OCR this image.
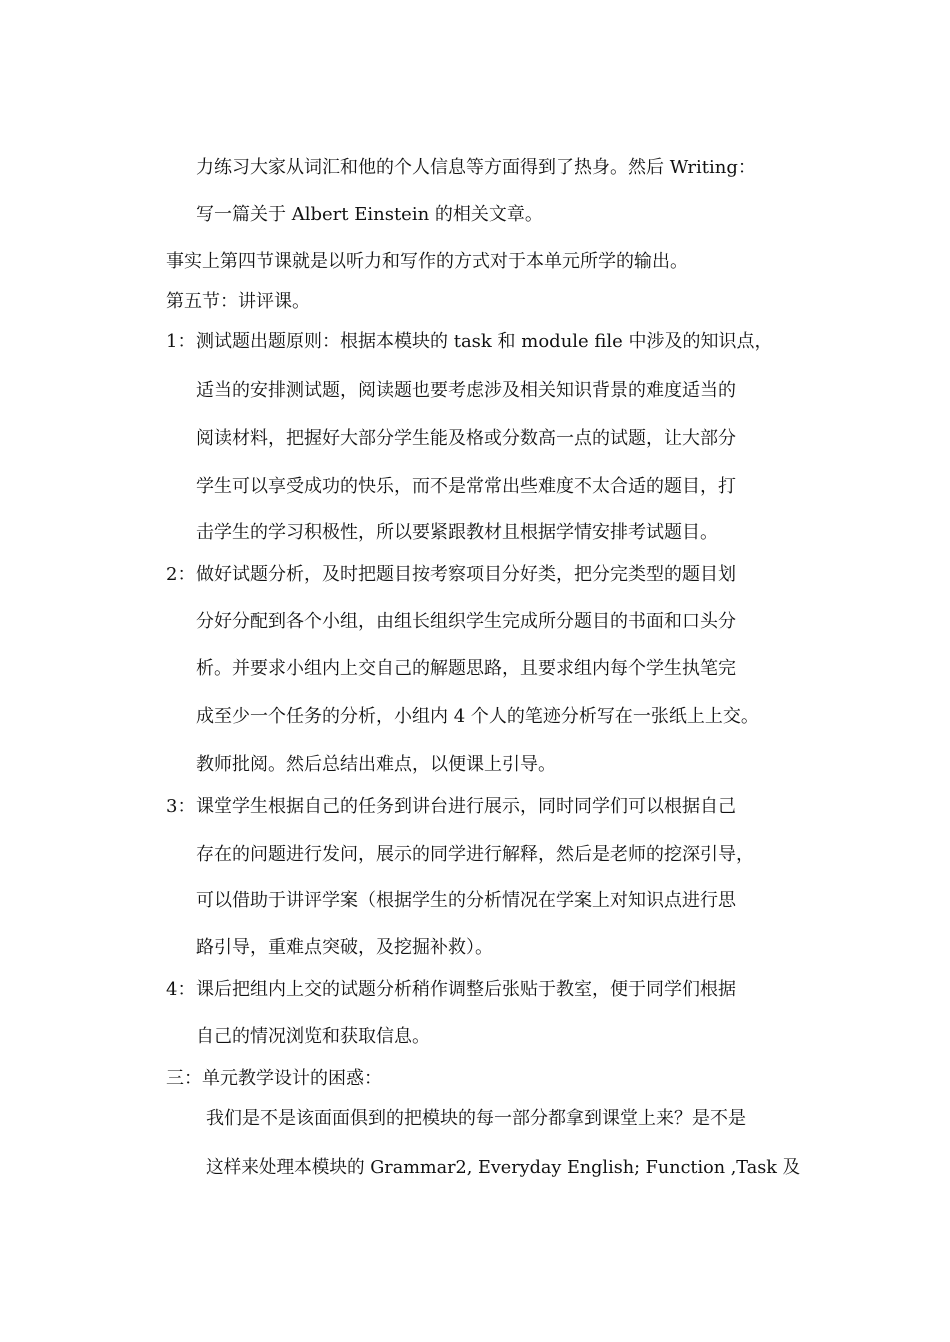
力练习大家从词汇和他的个人信息等方面得到了热身。然后 Writing：
写一篇关于 Albert Einstein 的相关文章。
事实上第四节课就是以听力和写作的方式对于本单元所学的输出。
第五节：讲评课。
1： 测试题出题原则：根据本模块的 task 和 module file 中涉及的知识点，
适当的安排测试题，阅读题也要考虑涉及相关知识背景的难度适当的
阅读材料，把握好大部分学生能及格或分数高一点的试题，让大部分
学生可以享受成功的快乐，而不是常常出些难度不太合适的题目，打
击学生的学习积极性，所以要紧跟教材且根据学情安排考试题目。
2： 做好试题分析，及时把题目按考察项目分好类，把分完类型的题目划
分好分配到各个小组，由组长组织学生完成所分题目的书面和口头分
析。并要求小组内上交自己的解题思路，且要求组内每个学生执笔完
成至少一个任务的分析，小组内 4 个人的笔迹分析写在一张纸上上交。
教师批阅。然后总结出难点，以便课上引导。
3： 课堂学生根据自己的任务到讲台进行展示，同时同学们可以根据自己
存在的问题进行发问，展示的同学进行解释，然后是老师的挖深引导，
可以借助于讲评学案（根据学生的分析情况在学案上对知识点进行思
路引导，重难点突破，及挖掘补救）。
4： 课后把组内上交的试题分析稍作调整后张贴于教室，便于同学们根据
自己的情况浏览和获取信息。
三：单元教学设计的困惑：
我们是不是该面面俱到的把模块的每一部分都拿到课堂上来？是不是
这样来处理本模块的 Grammar2, Everyday English; Function ,Task 及
